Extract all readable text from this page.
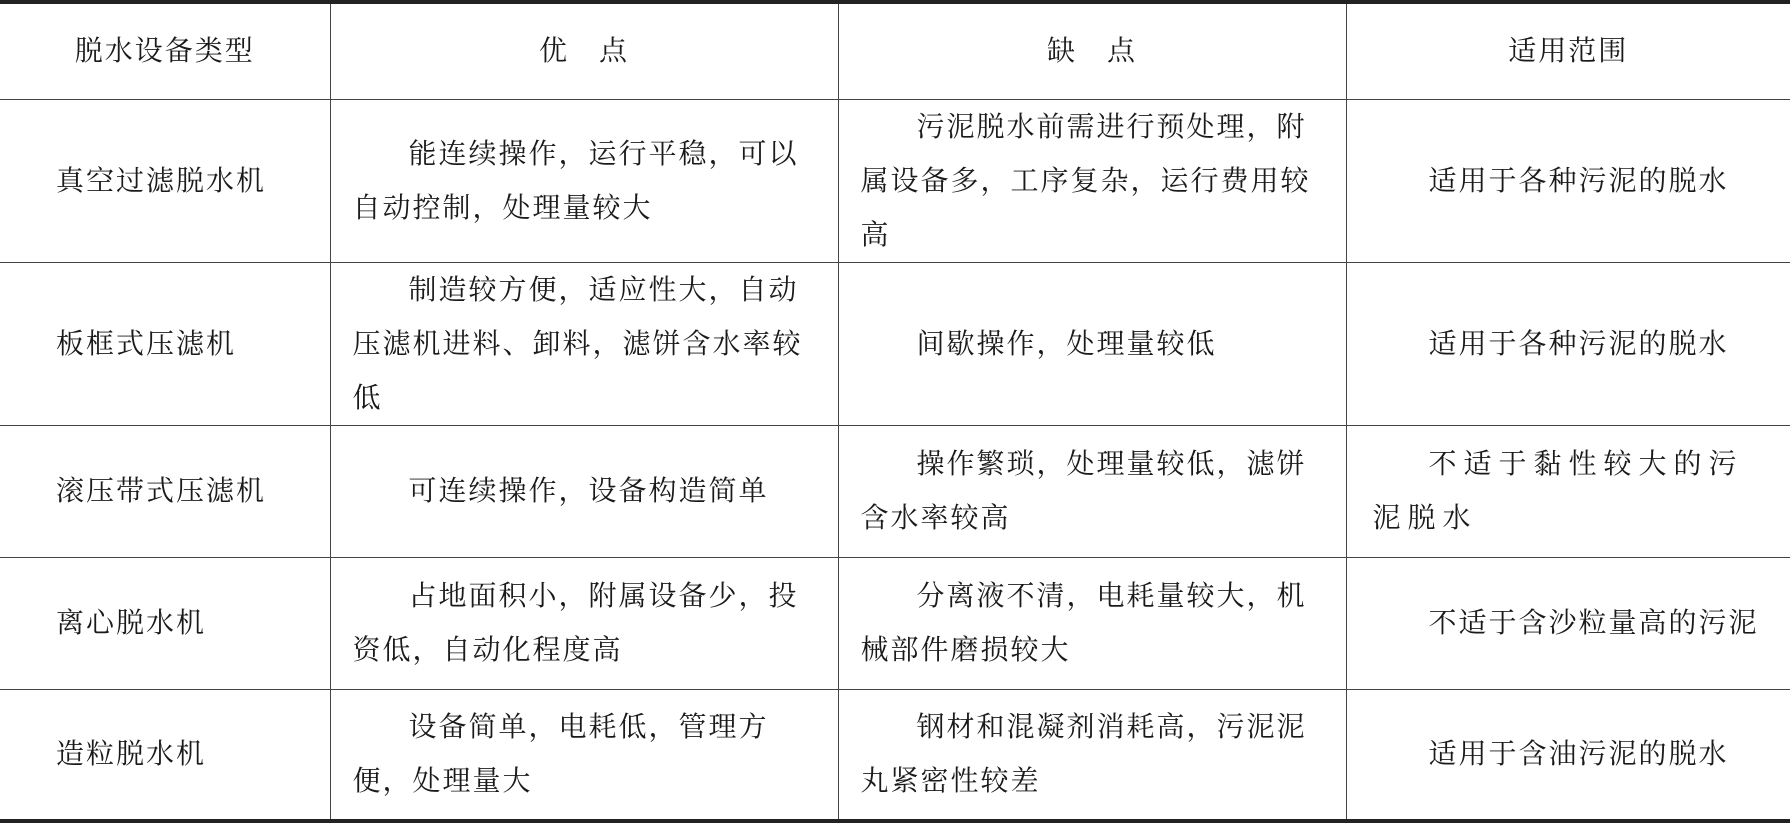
脱水设备类型	优　点	缺　点	适用范围
真空过滤脱水机	能连续操作，运行平稳，可以自动控制，处理量较大	污泥脱水前需进行预处理，附属设备多，工序复杂，运行费用较高	适用于各种污泥的脱水

板框式压滤机	制造较方便，适应性大，自动压滤机进料、卸料，滤饼含水率较低	间歇操作，处理量较低	适用于各种污泥的脱水

滚压带式压滤机	可连续操作，设备构造简单	操作繁琐，处理量较低，滤饼含水率较高	不适于黏性较大的污泥脱水

离心脱水机	占地面积小，附属设备少，投资低，自动化程度高	分离液不清，电耗量较大，机械部件磨损较大	不适于含沙粒量高的污泥

造粒脱水机	设备简单，电耗低，管理方便，处理量大	钢材和混凝剂消耗高，污泥泥丸紧密性较差	适用于含油污泥的脱水
